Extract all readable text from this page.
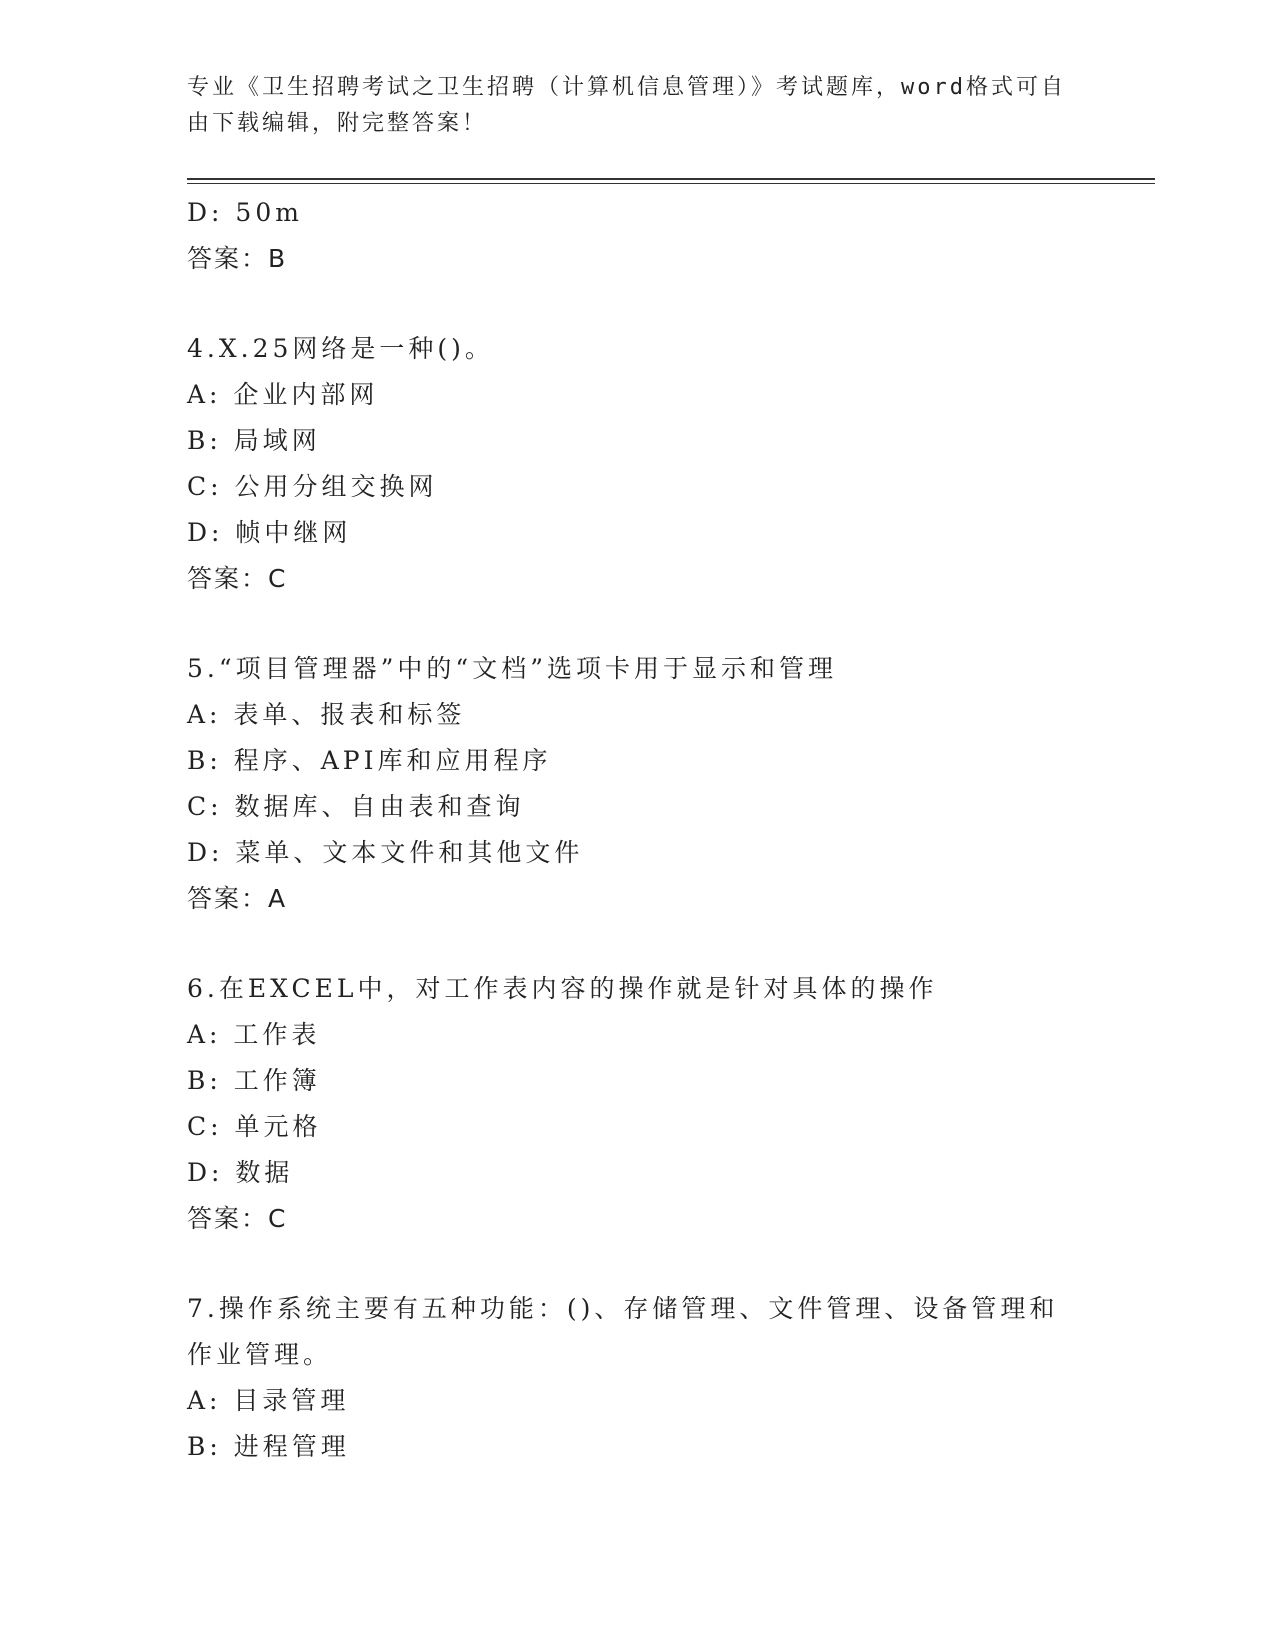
专业《卫生招聘考试之卫生招聘（计算机信息管理）》考试题库，word格式可自
由下载编辑，附完整答案！
D: 50m
答案：B
4.X.25网络是一种()。
A: 企业内部网
B: 局域网
C: 公用分组交换网
D: 帧中继网
答案：C
5.“项目管理器”中的“文档”选项卡用于显示和管理
A: 表单、报表和标签
B: 程序、API库和应用程序
C: 数据库、自由表和查询
D: 菜单、文本文件和其他文件
答案：A
6.在EXCEL中，对工作表内容的操作就是针对具体的操作
A: 工作表
B: 工作簿
C: 单元格
D: 数据
答案：C
7.操作系统主要有五种功能：()、存储管理、文件管理、设备管理和
作业管理。
A: 目录管理
B: 进程管理
